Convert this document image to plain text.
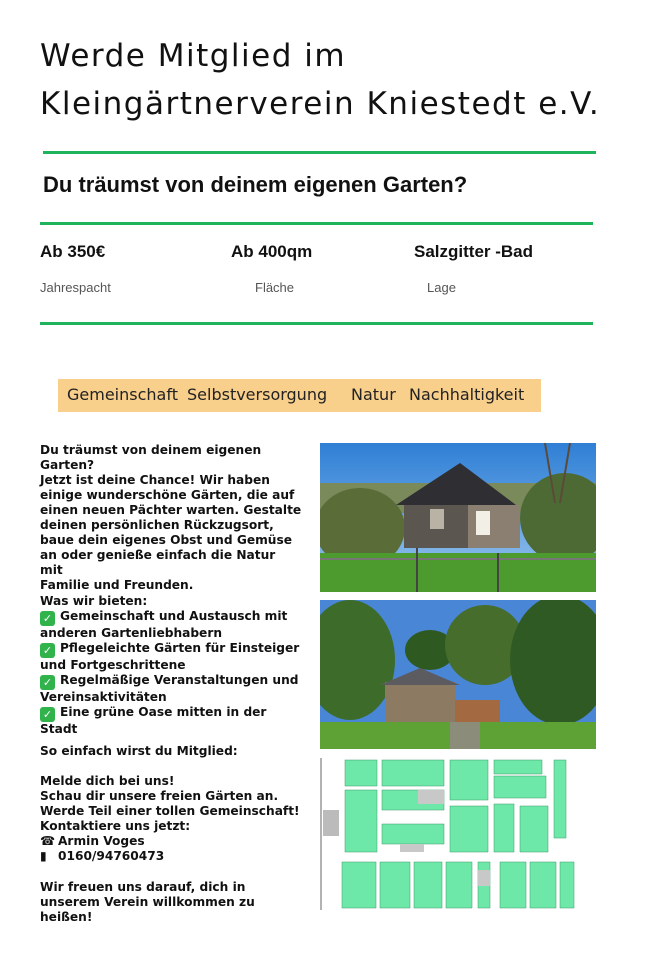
Werde Mitglied im
Kleingärtnerverein Kniestedt e.V.
Du träumst von deinem eigenen Garten?
Ab 350€	Ab 400qm	Salzgitter -Bad
Jahrespacht	Fläche	Lage
Gemeinschaft Selbstversorgung Natur Nachhaltigkeit
Du träumst von deinem eigenen
Garten?
Jetzt ist deine Chance! Wir haben
einige wunderschöne Gärten, die auf
einen neuen Pächter warten. Gestalte
deinen persönlichen Rückzugsort,
baue dein eigenes Obst und Gemüse
an oder genieße einfach die Natur mit
Familie und Freunden.
Was wir bieten:
✓ Gemeinschaft und Austausch mit
anderen Gartenliebhabern
✓ Pflegeleichte Gärten für Einsteiger
und Fortgeschrittene
✓ Regelmäßige Veranstaltungen und
Vereinsaktivitäten
✓ Eine grüne Oase mitten in der
Stadt
So einfach wirst du Mitglied:
Melde dich bei uns!
Schau dir unsere freien Gärten an.
Werde Teil einer tollen Gemeinschaft!
Kontaktiere uns jetzt:
☎ Armin Voges
▮ 0160/94760473
Wir freuen uns darauf, dich in
unserem Verein willkommen zu
heißen!
